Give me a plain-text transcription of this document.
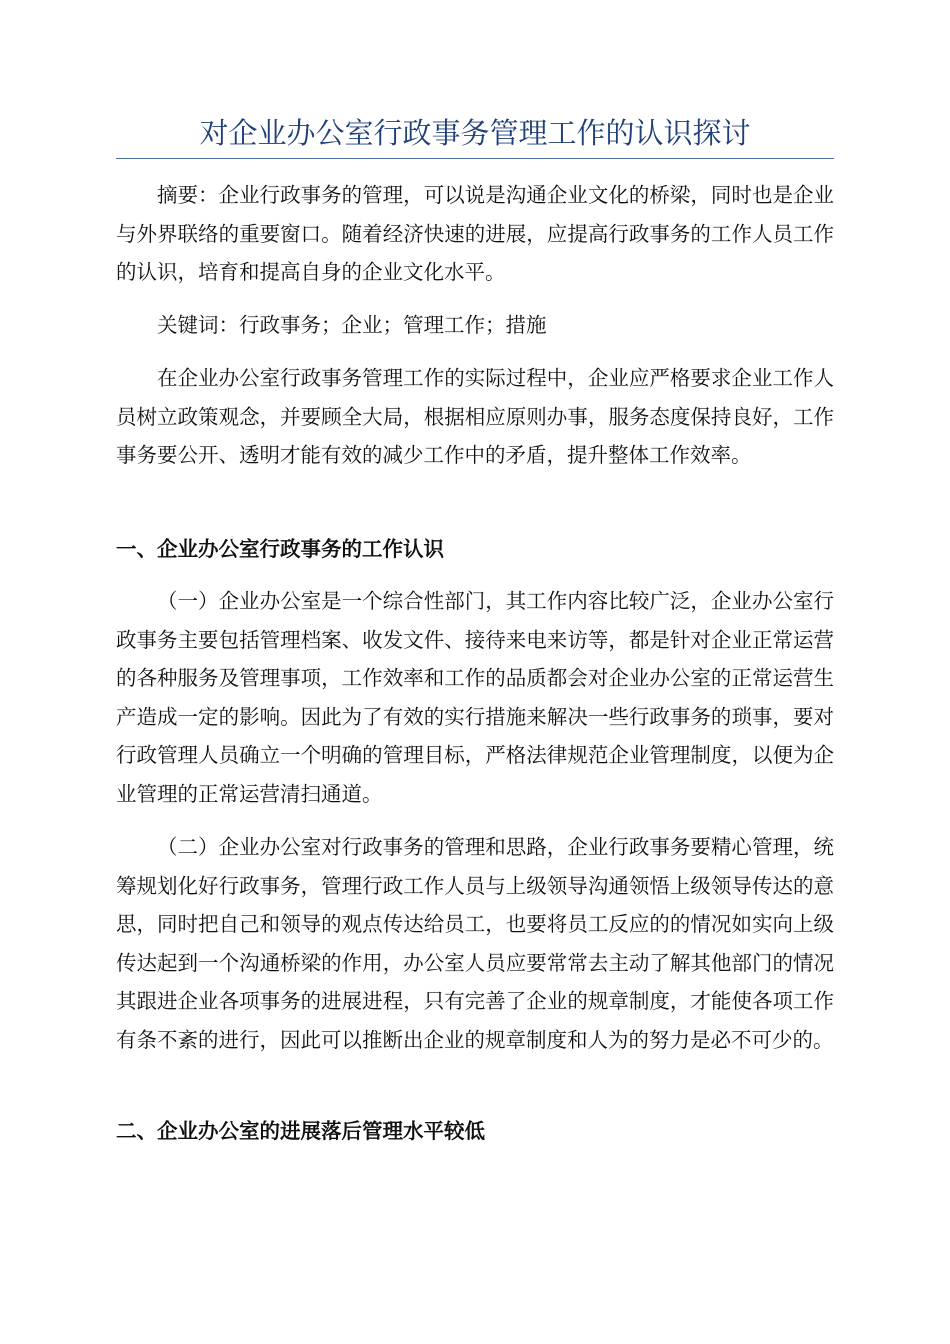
对企业办公室行政事务管理工作的认识探讨

摘要：企业行政事务的管理，可以说是沟通企业文化的桥梁，同时也是企业与外界联络的重要窗口。随着经济快速的进展，应提高行政事务的工作人员工作的认识，培育和提高自身的企业文化水平。

关键词：行政事务；企业；管理工作；措施

在企业办公室行政事务管理工作的实际过程中，企业应严格要求企业工作人员树立政策观念，并要顾全大局，根据相应原则办事，服务态度保持良好，工作事务要公开、透明才能有效的减少工作中的矛盾，提升整体工作效率。

一、企业办公室行政事务的工作认识

（一）企业办公室是一个综合性部门，其工作内容比较广泛，企业办公室行政事务主要包括管理档案、收发文件、接待来电来访等，都是针对企业正常运营的各种服务及管理事项，工作效率和工作的品质都会对企业办公室的正常运营生产造成一定的影响。因此为了有效的实行措施来解决一些行政事务的琐事，要对行政管理人员确立一个明确的管理目标，严格法律规范企业管理制度，以便为企业管理的正常运营清扫通道。

（二）企业办公室对行政事务的管理和思路，企业行政事务要精心管理，统筹规划化好行政事务，管理行政工作人员与上级领导沟通领悟上级领导传达的意思，同时把自己和领导的观点传达给员工，也要将员工反应的的情况如实向上级传达起到一个沟通桥梁的作用，办公室人员应要常常去主动了解其他部门的情况其跟进企业各项事务的进展进程，只有完善了企业的规章制度，才能使各项工作有条不紊的进行，因此可以推断出企业的规章制度和人为的努力是必不可少的。

二、企业办公室的进展落后管理水平较低
